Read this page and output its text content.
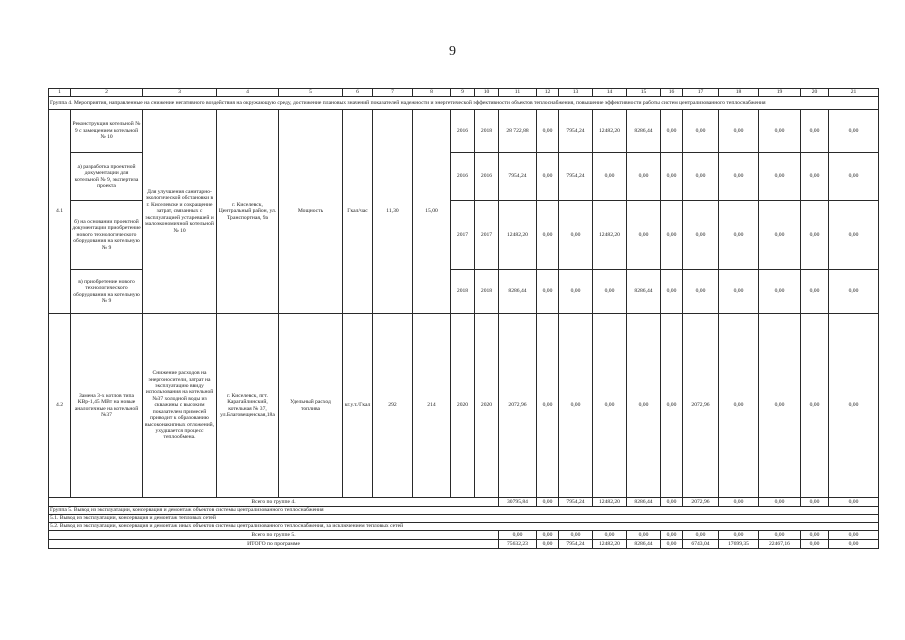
9
1	2	3	4	5	6	7	8	9	10	11	12	13	14	15	16	17	18	19	20	21
Группа 4. Мероприятия, направленные на снижение негативного воздействия на окружающую среду, достижение плановых значений показателей надежности и энергетической эффективности объектов теплоснабжения, повышение эффективности работы систем централизованного теплоснабжения																				
4.1	Реконструкция котельной № 9 с замещением котельной № 10	Для улучшения санитарно-экологической обстановки в г. Киселевске и сокращение затрат, связанных с эксплуатацией устаревшей и малоэкономичной котельной № 10	г. Киселевск, Центральный район, ул. Транспортная, 9а	Мощность	Гкал/час	11,30	15,00	2016	2018	28 722,88	0,00	7954,24	12482,20	8286,44	0,00	0,00	0,00	0,00	0,00	0,00
	а) разработка проектной документации для котельной № 9, экспертиза проекта							2016	2016	7954,24	0,00	7954,24	0,00	0,00	0,00	0,00	0,00	0,00	0,00	0,00
	б) на основании проектной документации приобретение нового технологического оборудования на котельную № 9							2017	2017	12482,20	0,00	0,00	12482,20	0,00	0,00	0,00	0,00	0,00	0,00	0,00
	в) приобретение нового технологического оборудования на котельную № 9							2018	2018	8286,44	0,00	0,00	0,00	8286,44	0,00	0,00	0,00	0,00	0,00	0,00
4.2	Замена 3-х котлов типа КВр-1,45 МВт на новые аналогичные на котельной №37	Снижение расходов на энергоносители, затрат на эксплуатацию ввиду использования на котельной №37 холодной воды из скважины с высоким показателем примесей приводит к образованию высоконакипных отложений, ухудшается процесс теплообмена.	г. Киселевск, пгт. Карагайлинский, котельная № 37, ул.Благовещенская,18а	Удельный расход топлива	кг.у.т./Гкал	292	214	2020	2020	2072,96	0,00	0,00	0,00	0,00	0,00	2072,96	0,00	0,00	0,00	0,00
Всего по группе 4.										30795,84	0,00	7954,24	12482,20	8286,44	0,00	2072,96	0,00	0,00	0,00	0,00
Группа 5. Вывод из эксплуатации, консервация и демонтаж объектов системы централизованного теплоснабжения																				
5.1. Вывод из эксплуатации, консервация и демонтаж тепловых сетей																				
5.2. Вывод из эксплуатации, консервация и демонтаж иных объектов системы централизованного теплоснабжения, за исключением тепловых сетей																				
Всего по группе 5.										0,00	0,00	0,00	0,00	0,00	0,00	0,00	0,00	0,00	0,00	0,00
ИТОГО по программе										75632,23	0,00	7954,24	12482,20	8286,44	0,00	6743,04	17699,35	22467,16	0,00	0,00
